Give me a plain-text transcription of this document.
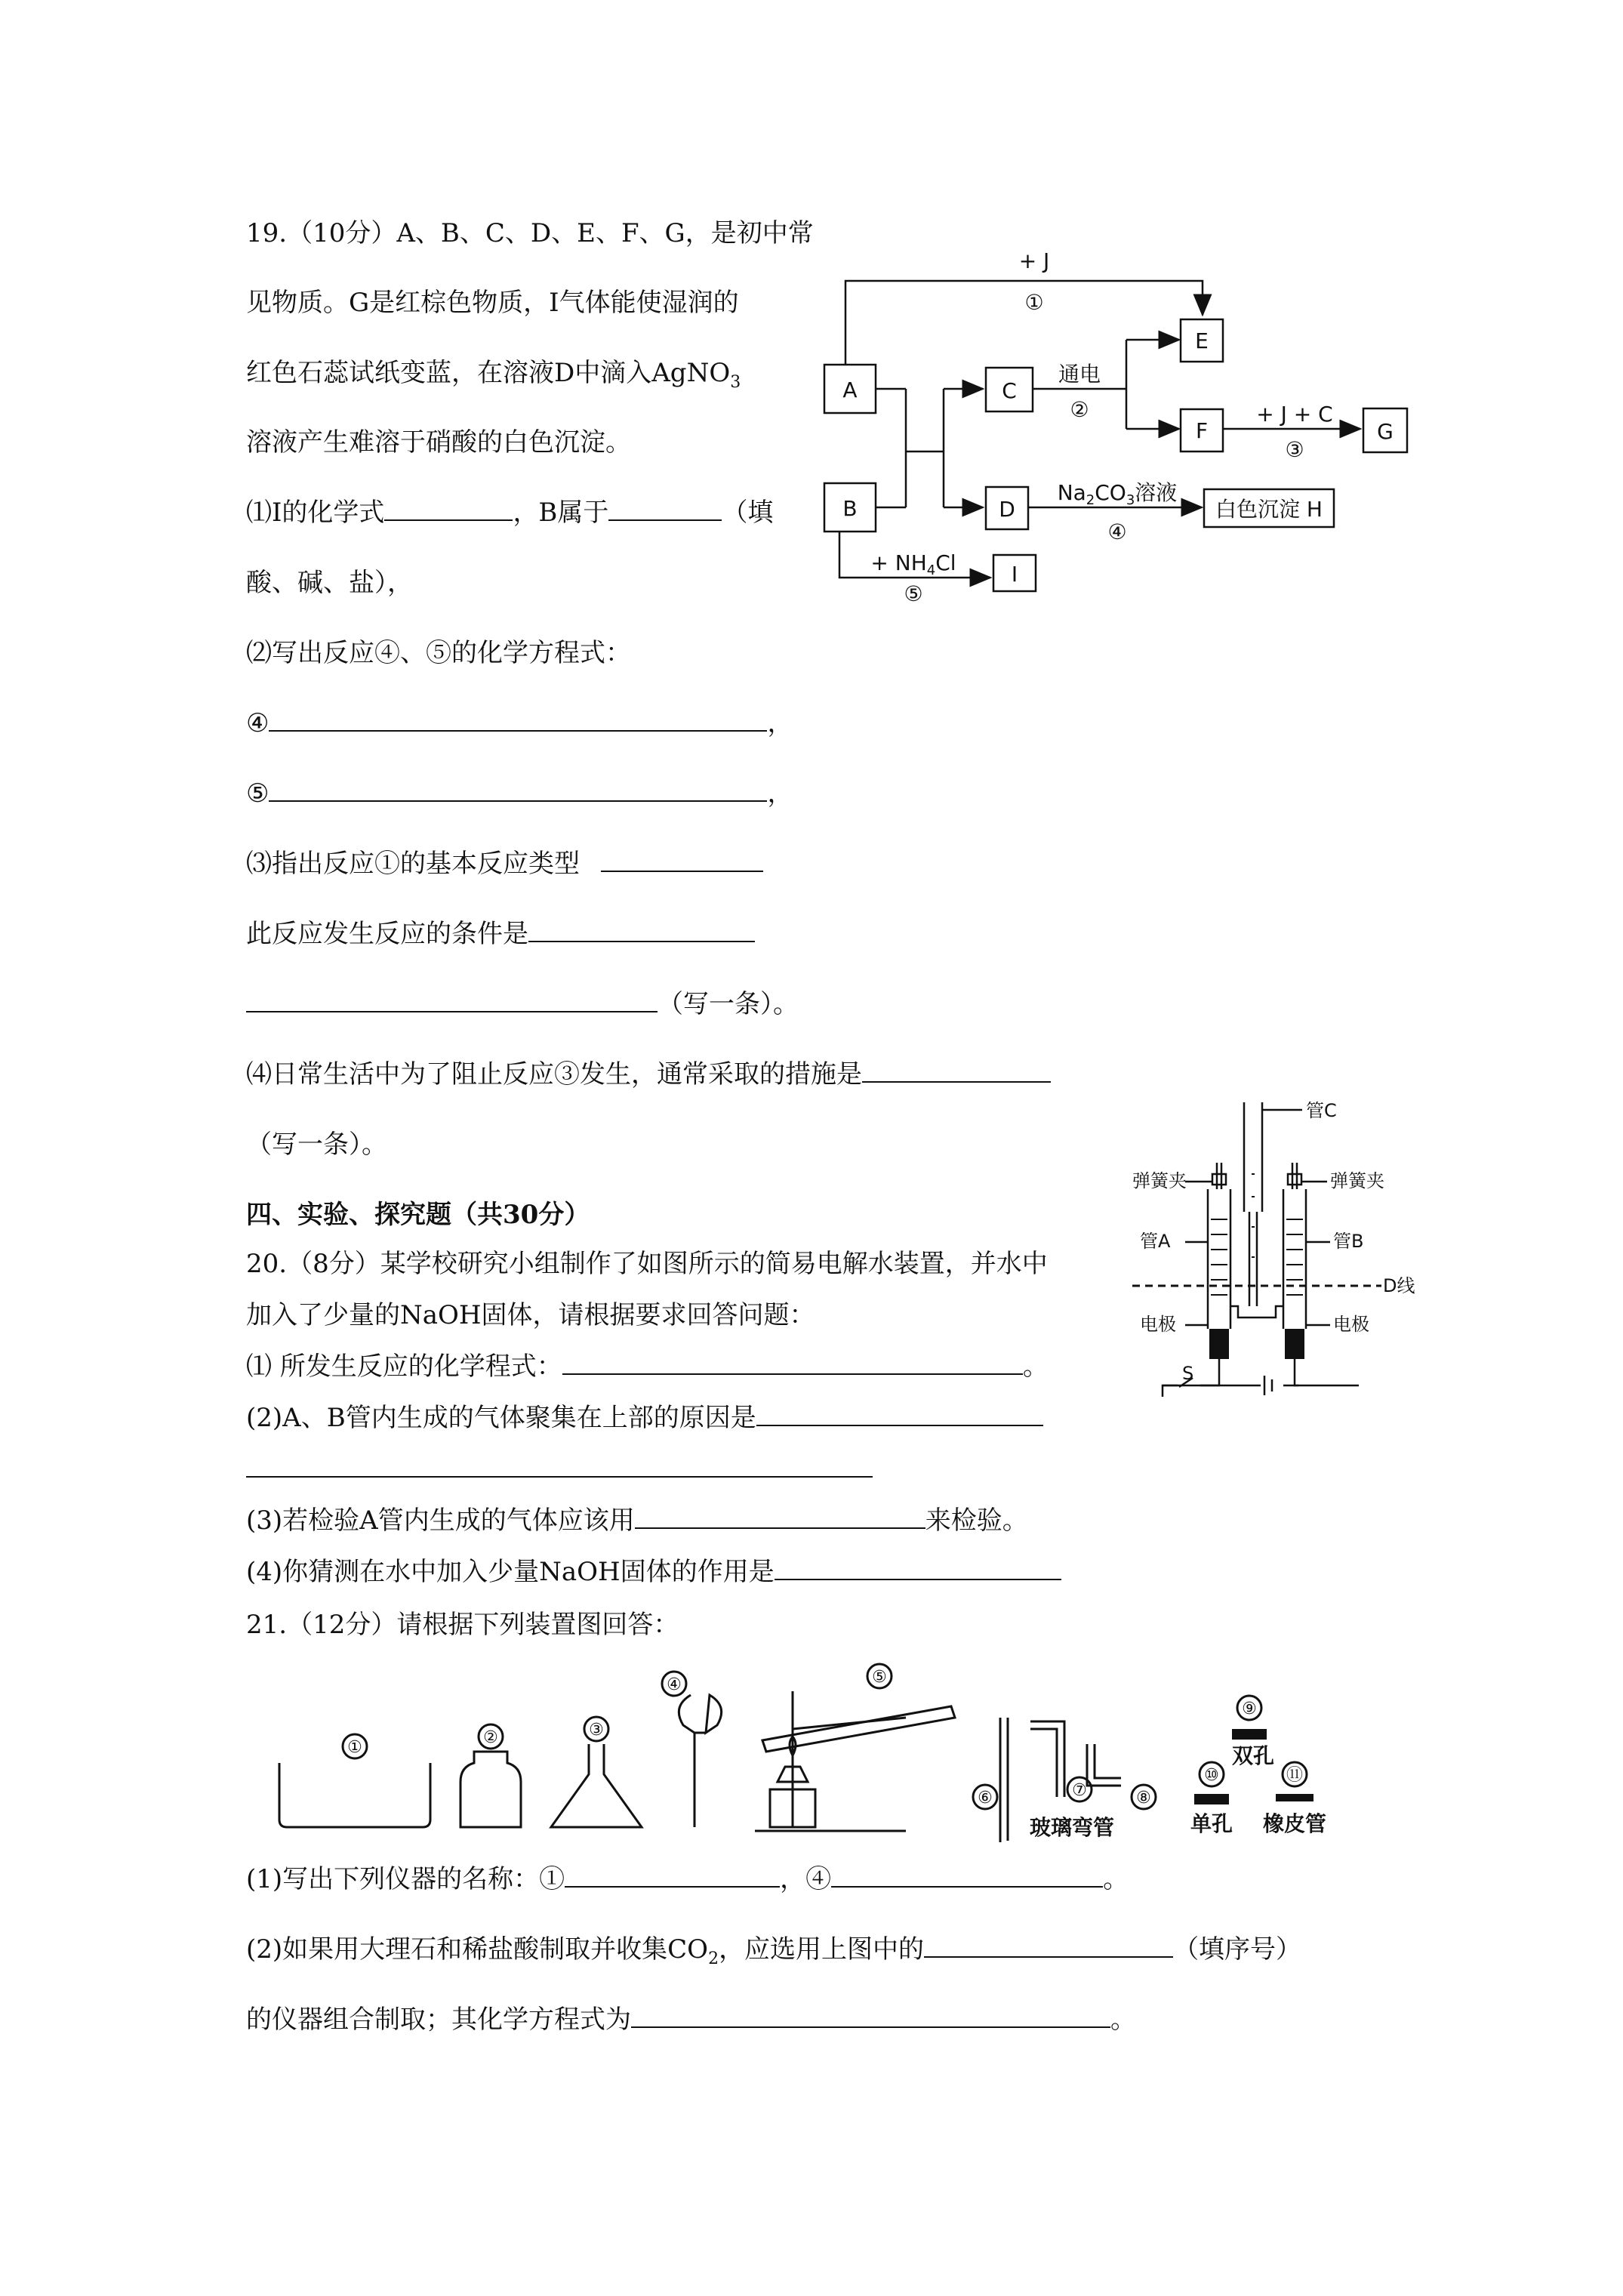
19.（10分）A、B、C、D、E、F、G，是初中常
见物质。G是红棕色物质，I气体能使湿润的
红色石蕊试纸变蓝，在溶液D中滴入AgNO$_3$
溶液产生难溶于硝酸的白色沉淀。
⑴I的化学式	，B属于	（填
酸、碱、盐），
⑵写出反应④、⑤的化学方程式：
④	，
⑤	，
⑶指出反应①的基本反应类型
此反应发生反应的条件是
（写一条）。
⑷日常生活中为了阻止反应③发生，通常采取的措施是
（写一条）。
A
B
C
D
E
F	G
I
白色沉淀 H
+ J
①
通电
②	+ J + C
③
$Na_2CO_3$溶液
④
+ $NH_4Cl$
⑤
四、实验、探究题（共30分）
20.（8分）某学校研究小组制作了如图所示的简易电解水装置，并水中
加入了少量的NaOH固体，请根据要求回答问题：
⑴ 所发生反应的化学程式：	。
(2)A、B管内生成的气体聚集在上部的原因是
(3)若检验A管内生成的气体应该用	来检验。
(4)你猜测在水中加入少量NaOH固体的作用是
管C
弹簧夹	弹簧夹
管A	管B
D线
电极	电极
S
21.（12分）请根据下列装置图回答：
①
②	③
④	⑤
⑥	⑦	⑧
⑨
⑩	⑪
玻璃弯管
双孔
单孔 橡皮管
(1)写出下列仪器的名称：①	，④	。
(2)如果用大理石和稀盐酸制取并收集$CO_2$，应选用上图中的	（填序号）
的仪器组合制取；其化学方程式为	。
